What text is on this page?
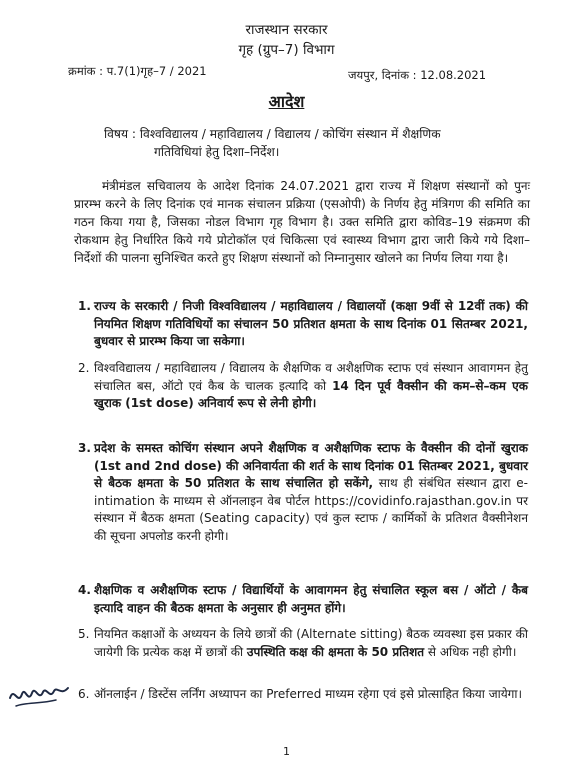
राजस्थान सरकार
गृह (ग्रुप–7) विभाग
क्रमांक : प.7(1)गृह–7 / 2021	जयपुर, दिनांक : 12.08.2021
आदेश
विषय : विश्वविद्यालय / महाविद्यालय / विद्यालय / कोचिंग संस्थान में शैक्षणिक
गतिविधियां हेतु दिशा–निर्देश।
मंत्रीमंडल सचिवालय के आदेश दिनांक 24.07.2021 द्वारा राज्य में शिक्षण संस्थानों को पुनः प्रारम्भ करने के लिए दिनांक एवं मानक संचालन प्रक्रिया (एसओपी) के निर्णय हेतु मंत्रिगण की समिति का गठन किया गया है, जिसका नोडल विभाग गृह विभाग है। उक्त समिति द्वारा कोविड–19 संक्रमण की रोकथाम हेतु निर्धारित किये गये प्रोटोकॉल एवं चिकित्सा एवं स्वास्थ्य विभाग द्वारा जारी किये गये दिशा–निर्देशों की पालना सुनिश्चित करते हुए शिक्षण संस्थानों को निम्नानुसार खोलने का निर्णय लिया गया है।
1. राज्य के सरकारी / निजी विश्वविद्यालय / महाविद्यालय / विद्यालयों (कक्षा 9वीं से 12वीं तक) की नियमित शिक्षण गतिविधियों का संचालन 50 प्रतिशत क्षमता के साथ दिनांक 01 सितम्बर 2021, बुधवार से प्रारम्भ किया जा सकेगा।
2. विश्वविद्यालय / महाविद्यालय / विद्यालय के शैक्षणिक व अशैक्षणिक स्टाफ एवं संस्थान आवागमन हेतु संचालित बस, ऑटो एवं कैब के चालक इत्यादि को 14 दिन पूर्व वैक्सीन की कम–से–कम एक खुराक (1st dose) अनिवार्य रूप से लेनी होगी।
3. प्रदेश के समस्त कोचिंग संस्थान अपने शैक्षणिक व अशैक्षणिक स्टाफ के वैक्सीन की दोनों खुराक (1st and 2nd dose) की अनिवार्यता की शर्त के साथ दिनांक 01 सितम्बर 2021, बुधवार से बैठक क्षमता के 50 प्रतिशत के साथ संचालित हो सकेंगे, साथ ही संबंधित संस्थान द्वारा e-intimation के माध्यम से ऑनलाइन वेब पोर्टल https://covidinfo.rajasthan.gov.in पर संस्थान में बैठक क्षमता (Seating capacity) एवं कुल स्टाफ / कार्मिकों के प्रतिशत वैक्सीनेशन की सूचना अपलोड करनी होगी।
4. शैक्षणिक व अशैक्षणिक स्टाफ / विद्यार्थियों के आवागमन हेतु संचालित स्कूल बस / ऑटो / कैब इत्यादि वाहन की बैठक क्षमता के अनुसार ही अनुमत होंगे।
5. नियमित कक्षाओं के अध्ययन के लिये छात्रों की (Alternate sitting) बैठक व्यवस्था इस प्रकार की जायेगी कि प्रत्येक कक्ष में छात्रों की उपस्थिति कक्ष की क्षमता के 50 प्रतिशत से अधिक नही होगी।
6. ऑनलाईन / डिस्टेंस लर्निंग अध्यापन का Preferred माध्यम रहेगा एवं इसे प्रोत्साहित किया जायेगा।
1
